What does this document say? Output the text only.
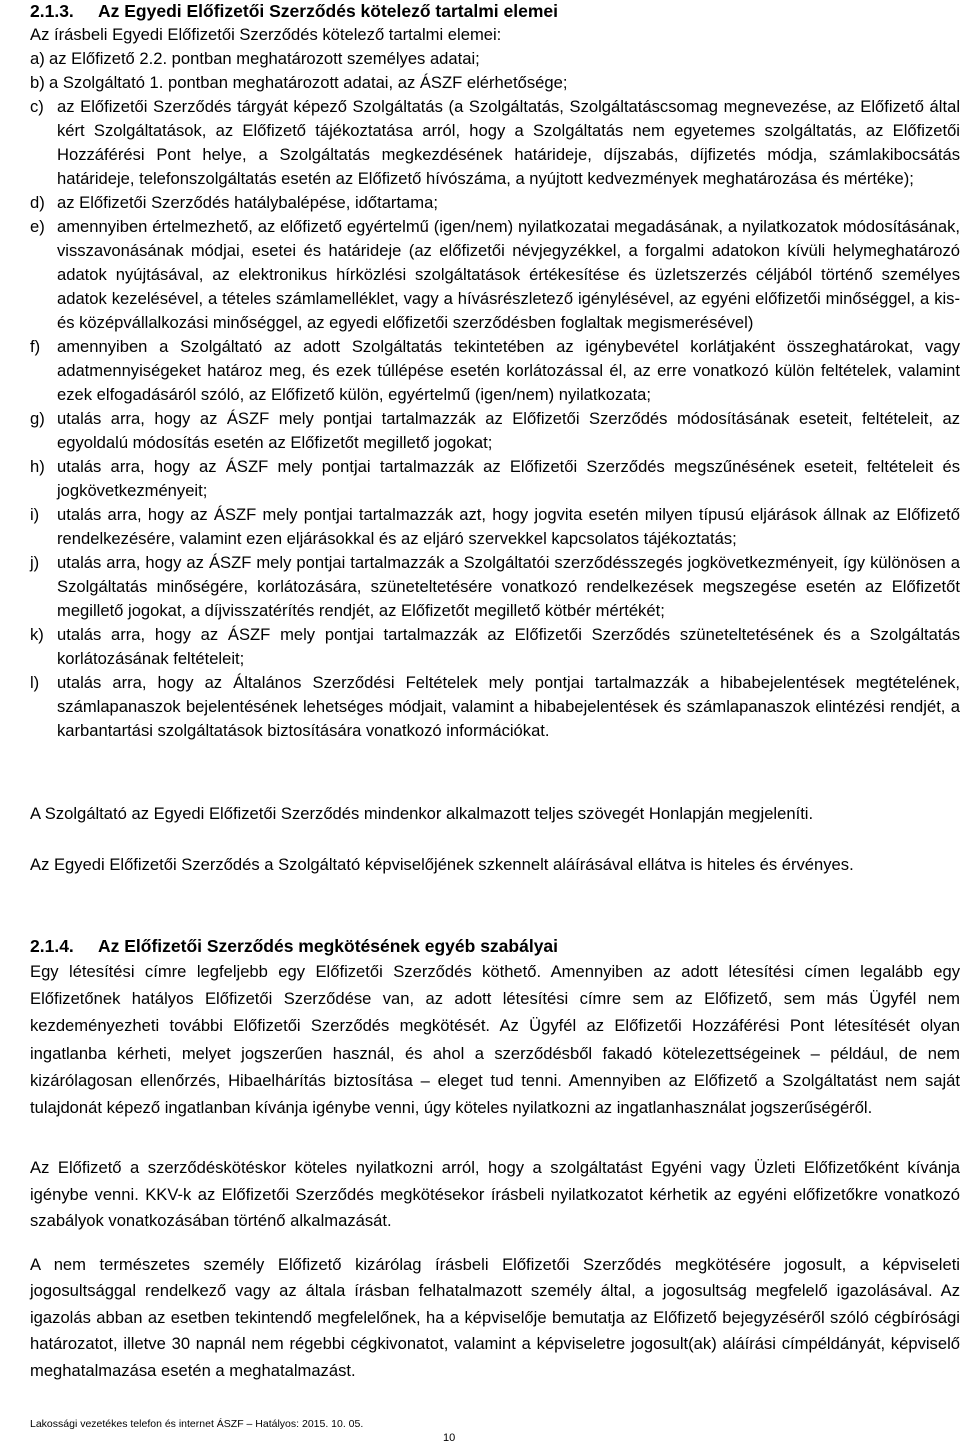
2.1.3. Az Egyedi Előfizetői Szerződés kötelező tartalmi elemei
Az írásbeli Egyedi Előfizetői Szerződés kötelező tartalmi elemei:
a) az Előfizető 2.2. pontban meghatározott személyes adatai;
b) a Szolgáltató 1. pontban meghatározott adatai, az ÁSZF elérhetősége;
c) az Előfizetői Szerződés tárgyát képező Szolgáltatás (a Szolgáltatás, Szolgáltatáscsomag megnevezése, az Előfizető által kért Szolgáltatások, az Előfizető tájékoztatása arról, hogy a Szolgáltatás nem egyetemes szolgáltatás, az Előfizetői Hozzáférési Pont helye, a Szolgáltatás megkezdésének határideje, díjszabás, díjfizetés módja, számlakibocsátás határideje, telefonszolgáltatás esetén az Előfizető hívószáma, a nyújtott kedvezmények meghatározása és mértéke);
d) az Előfizetői Szerződés hatálybalépése, időtartama;
e) amennyiben értelmezhető, az előfizető egyértelmű (igen/nem) nyilatkozatai megadásának, a nyilatkozatok módosításának, visszavonásának módjai, esetei és határideje (az előfizetői névjegyzékkel, a forgalmi adatokon kívüli helymeghatározó adatok nyújtásával, az elektronikus hírközlési szolgáltatások értékesítése és üzletszerzés céljából történő személyes adatok kezelésével, a tételes számlamelléklet, vagy a hívásrészletező igénylésével, az egyéni előfizetői minőséggel, a kis- és középvállalkozási minőséggel, az egyedi előfizetői szerződésben foglaltak megismerésével)
f)	amennyiben a Szolgáltató az adott Szolgáltatás tekintetében az igénybevétel korlátjaként összeghatárokat, vagy adatmennyiségeket határoz meg, és ezek túllépése esetén korlátozással él, az erre vonatkozó külön feltételek, valamint ezek elfogadásáról szóló, az Előfizető külön, egyértelmű (igen/nem) nyilatkozata;
g) utalás arra, hogy az ÁSZF mely pontjai tartalmazzák az Előfizetői Szerződés módosításának eseteit, feltételeit, az egyoldalú módosítás esetén az Előfizetőt megillető jogokat;
h) utalás arra, hogy az ÁSZF mely pontjai tartalmazzák az Előfizetői Szerződés megszűnésének eseteit, feltételeit és jogkövetkezményeit;
i)	utalás arra, hogy az ÁSZF mely pontjai tartalmazzák azt, hogy jogvita esetén milyen típusú eljárások állnak az Előfizető rendelkezésére, valamint ezen eljárásokkal és az eljáró szervekkel kapcsolatos tájékoztatás;
j)	utalás arra, hogy az ÁSZF mely pontjai tartalmazzák a Szolgáltatói szerződésszegés jogkövetkezményeit, így különösen a Szolgáltatás minőségére, korlátozására, szüneteltetésére vonatkozó rendelkezések megszegése esetén az Előfizetőt megillető jogokat, a díjvisszatérítés rendjét, az Előfizetőt megillető kötbér mértékét;
k) utalás arra, hogy az ÁSZF mely pontjai tartalmazzák az Előfizetői Szerződés szüneteltetésének és a Szolgáltatás korlátozásának feltételeit;
l)	utalás arra, hogy az Általános Szerződési Feltételek mely pontjai tartalmazzák a hibabejelentések megtételének, számlapanaszok bejelentésének lehetséges módjait, valamint a hibabejelentések és számlapanaszok elintézési rendjét, a karbantartási szolgáltatások biztosítására vonatkozó információkat.
A Szolgáltató az Egyedi Előfizetői Szerződés mindenkor alkalmazott teljes szövegét Honlapján megjeleníti.
Az Egyedi Előfizetői Szerződés a Szolgáltató képviselőjének szkennelt aláírásával ellátva is hiteles és érvényes.
2.1.4. Az Előfizetői Szerződés megkötésének egyéb szabályai
Egy létesítési címre legfeljebb egy Előfizetői Szerződés köthető. Amennyiben az adott létesítési címen legalább egy Előfizetőnek hatályos Előfizetői Szerződése van, az adott létesítési címre sem az Előfizető, sem más Ügyfél nem kezdeményezheti további Előfizetői Szerződés megkötését. Az Ügyfél az Előfizetői Hozzáférési Pont létesítését olyan ingatlanba kérheti, melyet jogszerűen használ, és ahol a szerződésből fakadó kötelezettségeinek – például, de nem kizárólagosan ellenőrzés, Hibaelhárítás biztosítása – eleget tud tenni. Amennyiben az Előfizető a Szolgáltatást nem saját tulajdonát képező ingatlanban kívánja igénybe venni, úgy köteles nyilatkozni az ingatlanhasználat jogszerűségéről.
Az Előfizető a szerződéskötéskor köteles nyilatkozni arról, hogy a szolgáltatást Egyéni vagy Üzleti Előfizetőként kívánja igénybe venni. KKV-k az Előfizetői Szerződés megkötésekor írásbeli nyilatkozatot kérhetik az egyéni előfizetőkre vonatkozó szabályok vonatkozásában történő alkalmazását.
A nem természetes személy Előfizető kizárólag írásbeli Előfizetői Szerződés megkötésére jogosult, a képviseleti jogosultsággal rendelkező vagy az általa írásban felhatalmazott személy által, a jogosultság megfelelő igazolásával. Az igazolás abban az esetben tekintendő megfelelőnek, ha a képviselője bemutatja az Előfizető bejegyzéséről szóló cégbírósági határozatot, illetve 30 napnál nem régebbi cégkivonatot, valamint a képviseletre jogosult(ak) aláírási címpéldányát, képviselő meghatalmazása esetén a meghatalmazást.
Lakossági vezetékes telefon és internet ÁSZF – Hatályos: 2015. 10. 05.
10
